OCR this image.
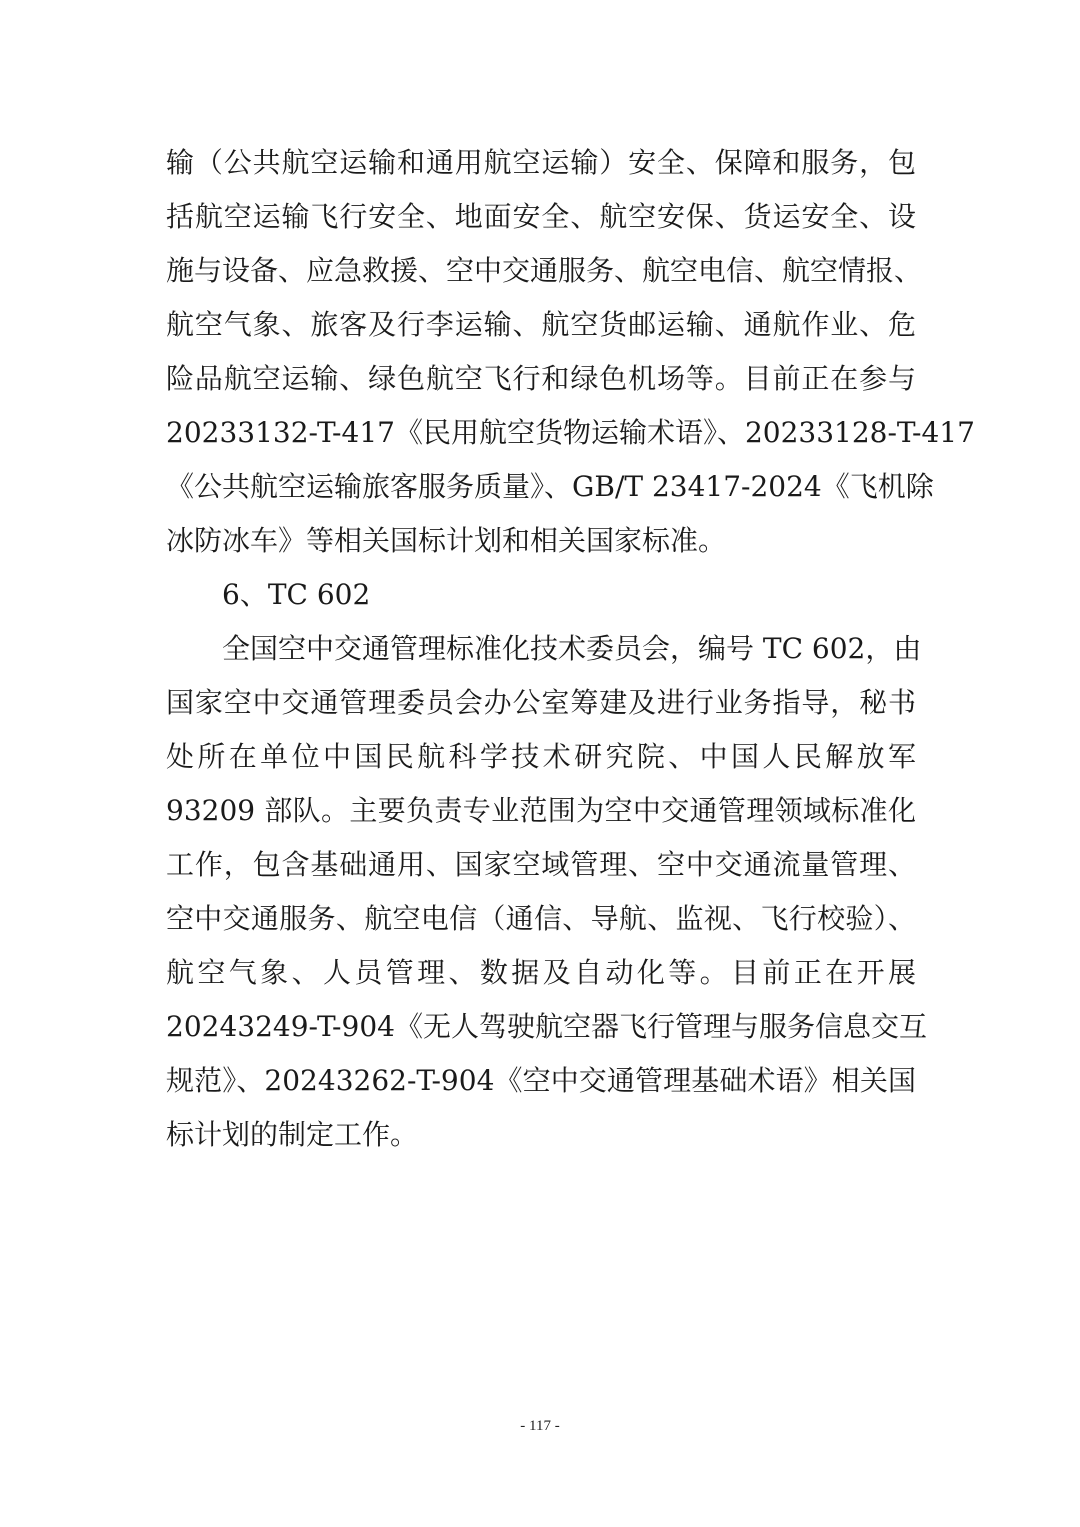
输（公共航空运输和通用航空运输）安全、保障和服务，包
括航空运输飞行安全、地面安全、航空安保、货运安全、设
施与设备、应急救援、空中交通服务、航空电信、航空情报、
航空气象、旅客及行李运输、航空货邮运输、通航作业、危
险品航空运输、绿色航空飞行和绿色机场等。目前正在参与
20233132-T-417《民用航空货物运输术语》、20233128-T-417
《公共航空运输旅客服务质量》、GB/T 23417-2024《飞机除
冰防冰车》等相关国标计划和相关国家标准。
6、TC 602
全国空中交通管理标准化技术委员会，编号 TC 602，由
国家空中交通管理委员会办公室筹建及进行业务指导，秘书
处所在单位中国民航科学技术研究院、中国人民解放军
93209 部队。主要负责专业范围为空中交通管理领域标准化
工作，包含基础通用、国家空域管理、空中交通流量管理、
空中交通服务、航空电信（通信、导航、监视、飞行校验）、
航空气象、人员管理、数据及自动化等。目前正在开展
20243249-T-904《无人驾驶航空器飞行管理与服务信息交互
规范》、20243262-T-904《空中交通管理基础术语》相关国
标计划的制定工作。
- 117 -
